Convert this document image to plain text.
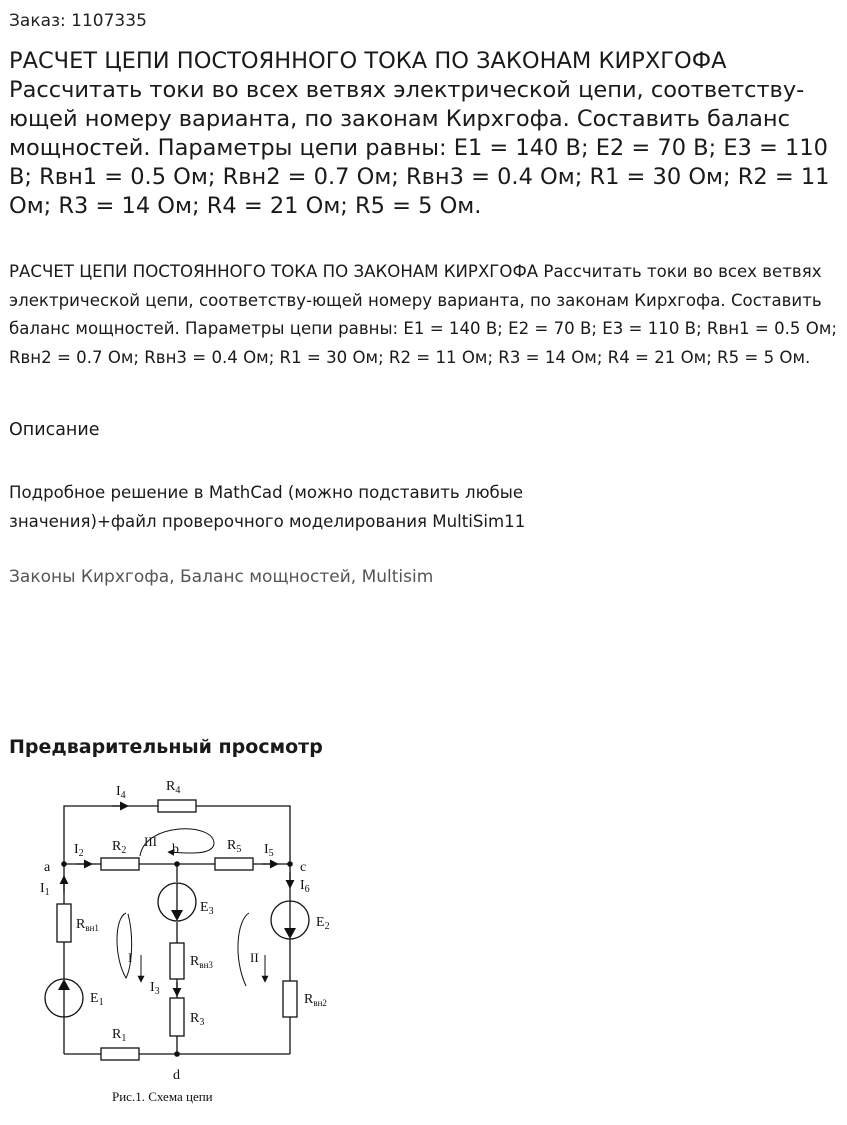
Заказ: 1107335
РАСЧЕТ ЦЕПИ ПОСТОЯННОГО ТОКА ПО ЗАКОНАМ КИРХГОФА Рассчитать токи во всех ветвях электрической цепи, соответству-ющей номеру варианта, по законам Кирхгофа. Составить баланс мощностей. Параметры цепи равны: E1 = 140 В; E2 = 70 В; E3 = 110 В; Rвн1 = 0.5 Ом; Rвн2 = 0.7 Ом; Rвн3 = 0.4 Ом; R1 = 30 Ом; R2 = 11 Ом; R3 = 14 Ом; R4 = 21 Ом; R5 = 5 Ом.

РАСЧЕТ ЦЕПИ ПОСТОЯННОГО ТОКА ПО ЗАКОНАМ КИРХГОФА Рассчитать токи во всех ветвях электрической цепи, соответству-ющей номеру варианта, по законам Кирхгофа. Составить баланс мощностей. Параметры цепи равны: E1 = 140 В; E2 = 70 В; E3 = 110 В; Rвн1 = 0.5 Ом; Rвн2 = 0.7 Ом; Rвн3 = 0.4 Ом; R1 = 30 Ом; R2 = 11 Ом; R3 = 14 Ом; R4 = 21 Ом; R5 = 5 Ом.

Описание

Подробное решение в MathCad (можно подставить любые значения)+файл проверочного моделирования MultiSim11

Законы Кирхгофа, Баланс мощностей, Multisim
Предварительный просмотр
$I_4$
$R_4$
$I_2$ $R_2$
III
b	$R_5$ $I_5$
a	c
$I_1$	$I_6$
$E_3$
$E_2$
$R_{вн1}$
I	II
$R_{вн3}$
$I_3$
$E_1$	$R_{вн2}$
$R_3$
$R_1$
d
Рис.1. Схема цепи
